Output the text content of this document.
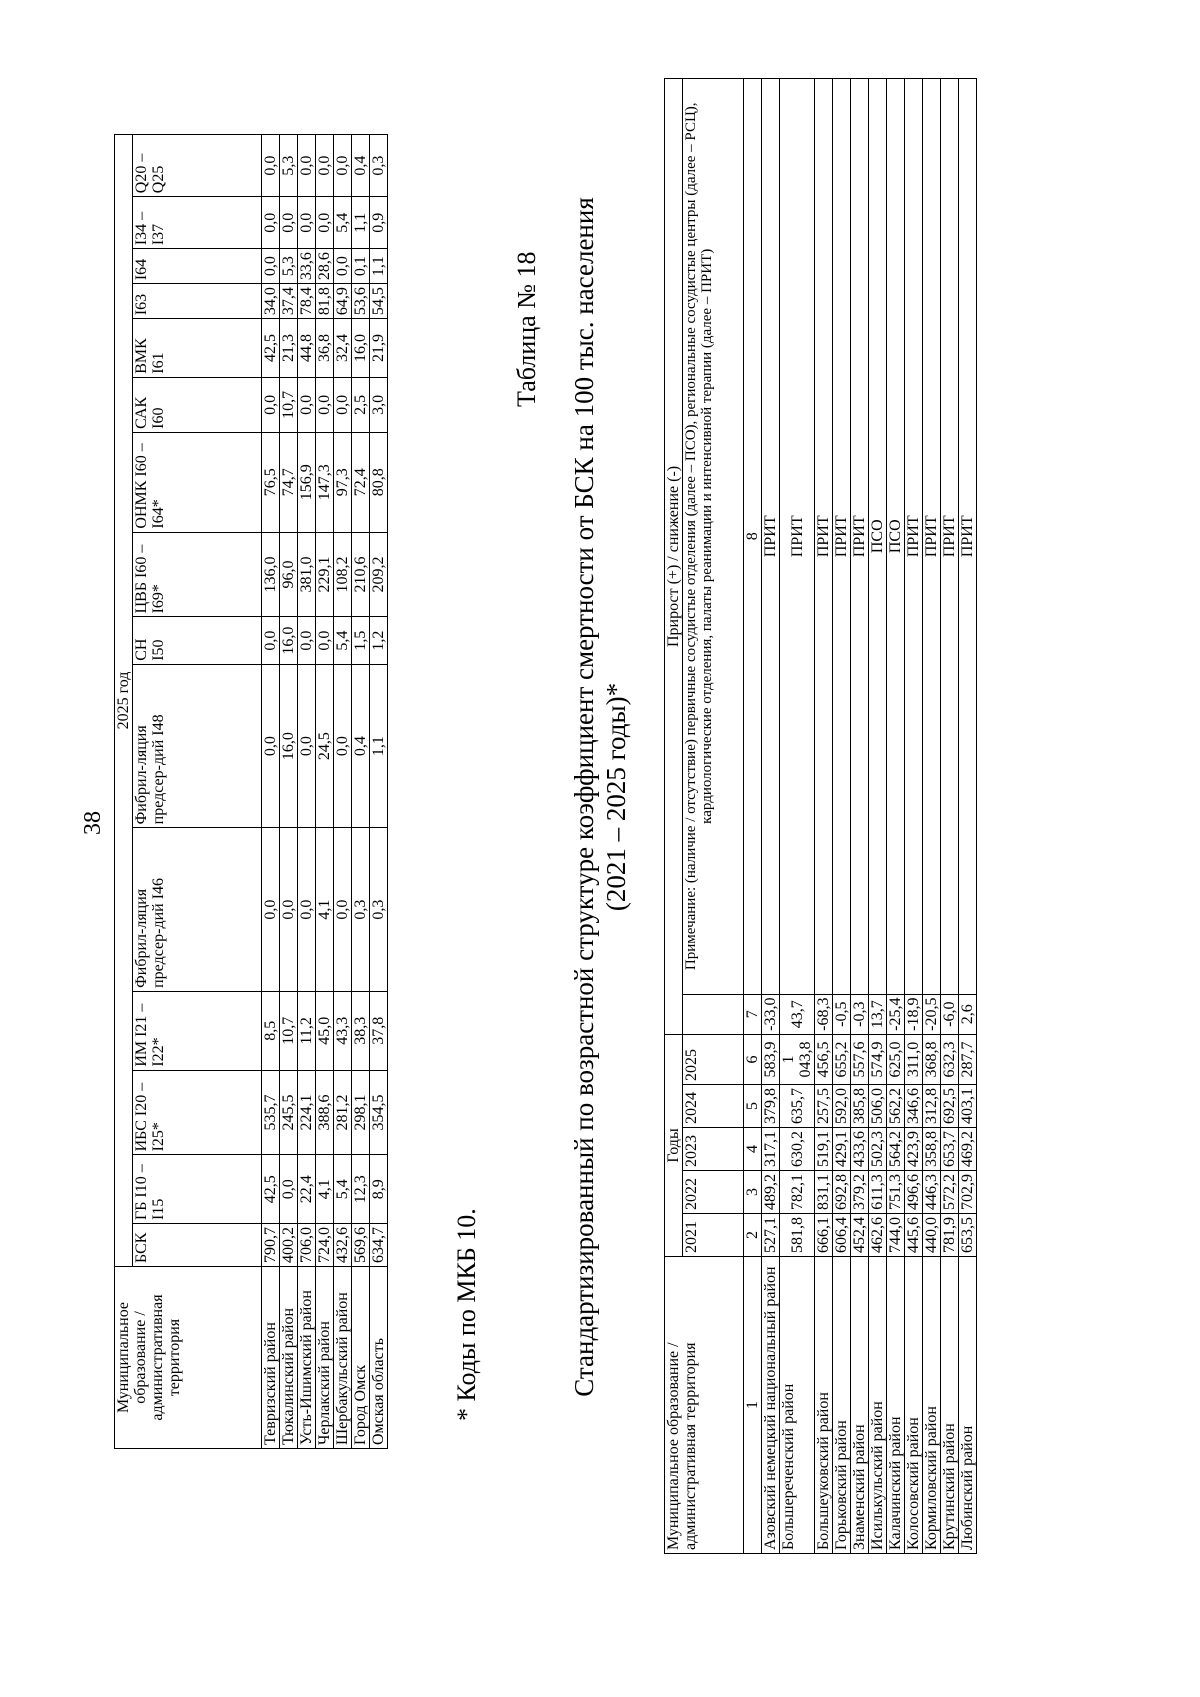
38
Муниципальное образование / административная территория	2025 год														
	БСК	ГБ I10 – I15	ИБС I20 – I25*	ИМ I21 – I22*	Фибрил-ляция предсер-дий I46	Фибрил-ляция предсер-дий I48	СН I50	ЦВБ I60 – I69*	ОНМК I60 – I64*	САК I60	ВМК I61	I63	I64	I34 – I37	Q20 – Q25
Тевризский район	790,7	42,5	535,7	8,5	0,0	0,0	0,0	136,0	76,5	0,0	42,5	34,0	0,0	0,0	0,0
Тюкалинский район	400,2	0,0	245,5	10,7	0,0	16,0	16,0	96,0	74,7	10,7	21,3	37,4	5,3	0,0	5,3
Усть-Ишимский район	706,0	22,4	224,1	11,2	0,0	0,0	0,0	381,0	156,9	0,0	44,8	78,4	33,6	0,0	0,0
Черлакский район	724,0	4,1	388,6	45,0	4,1	24,5	0,0	229,1	147,3	0,0	36,8	81,8	28,6	0,0	0,0
Шербакульский район	432,6	5,4	281,2	43,3	0,0	0,0	5,4	108,2	97,3	0,0	32,4	64,9	0,0	5,4	0,0
Город Омск	569,6	12,3	298,1	38,3	0,3	0,4	1,5	210,6	72,4	2,5	16,0	53,6	0,1	1,1	0,4
Омская область	634,7	8,9	354,5	37,8	0,3	1,1	1,2	209,2	80,8	3,0	21,9	54,5	1,1	0,9	0,3
* Коды по МКБ 10.
Таблица № 18 Стандартизированный по возрастной структуре коэффициент смертности от БСК на 100 тыс. населения (2021 – 2025 годы)*
Муниципальное образование / административная территория	Годы					Прирост (+) / снижение (-)	
	2021	2022	2023	2024	2025		Примечание: (наличие / отсутствие) первичные сосудистые отделения (далее – ПСО), региональные сосудистые центры (далее – РСЦ), кардиологические отделения, палаты реанимации и интенсивной терапии (далее – ПРИТ)
1	2	3	4	5	6	7	8
Азовский немецкий национальный район	527,1	489,2	317,1	379,8	583,9	-33,0	ПРИТ
Большереченский район	581,8	782,1	630,2	635,7	1 043,8	43,7	ПРИТ
Большеуковский район	666,1	831,1	519,1	257,5	456,5	-68,3	ПРИТ
Горьковский район	606,4	692,8	429,1	592,0	655,2	-0,5	ПРИТ
Знаменский район	452,4	379,2	433,6	385,8	557,6	-0,3	ПРИТ
Исилькульский район	462,6	611,3	502,3	506,0	574,9	13,7	ПСО
Калачинский район	744,0	751,3	564,2	562,2	625,0	-25,4	ПСО
Колосовский район	445,6	496,6	423,9	346,6	311,0	-18,9	ПРИТ
Кормиловский район	440,0	446,3	358,8	312,8	368,8	-20,5	ПРИТ
Крутинский район	781,9	572,2	653,7	692,5	632,3	-6,0	ПРИТ
Любинский район	653,5	702,9	469,2	403,1	287,7	2,6	ПРИТ
